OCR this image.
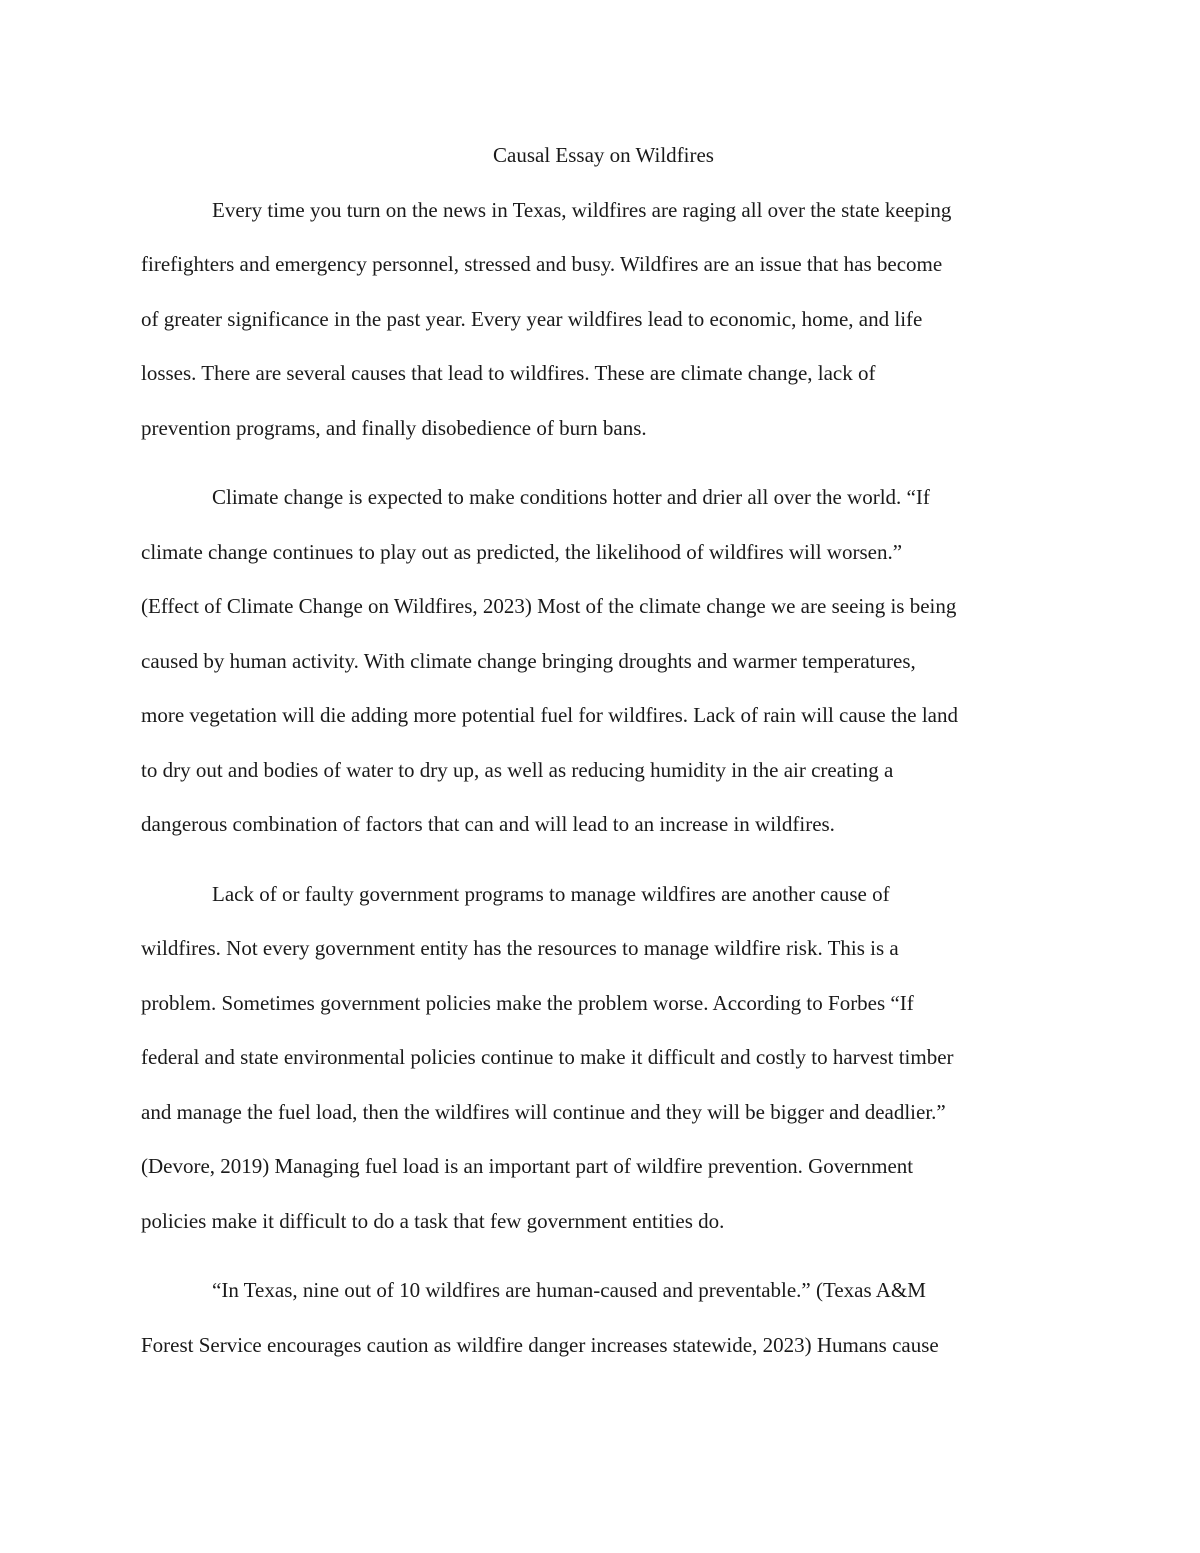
Causal Essay on Wildfires
Every time you turn on the news in Texas, wildfires are raging all over the state keeping
firefighters and emergency personnel, stressed and busy. Wildfires are an issue that has become
of greater significance in the past year. Every year wildfires lead to economic, home, and life
losses. There are several causes that lead to wildfires. These are climate change, lack of
prevention programs, and finally disobedience of burn bans.
Climate change is expected to make conditions hotter and drier all over the world. “If
climate change continues to play out as predicted, the likelihood of wildfires will worsen.”
(Effect of Climate Change on Wildfires, 2023) Most of the climate change we are seeing is being
caused by human activity. With climate change bringing droughts and warmer temperatures,
more vegetation will die adding more potential fuel for wildfires. Lack of rain will cause the land
to dry out and bodies of water to dry up, as well as reducing humidity in the air creating a
dangerous combination of factors that can and will lead to an increase in wildfires.
Lack of or faulty government programs to manage wildfires are another cause of
wildfires. Not every government entity has the resources to manage wildfire risk. This is a
problem. Sometimes government policies make the problem worse. According to Forbes “If
federal and state environmental policies continue to make it difficult and costly to harvest timber
and manage the fuel load, then the wildfires will continue and they will be bigger and deadlier.”
(Devore, 2019) Managing fuel load is an important part of wildfire prevention. Government
policies make it difficult to do a task that few government entities do.
“In Texas, nine out of 10 wildfires are human-caused and preventable.” (Texas A&M
Forest Service encourages caution as wildfire danger increases statewide, 2023) Humans cause
